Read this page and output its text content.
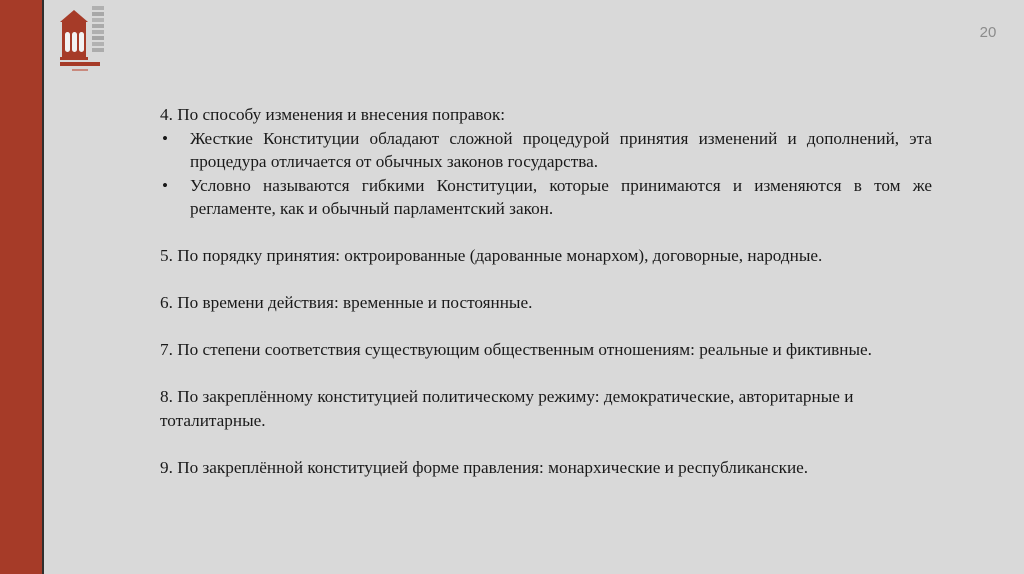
20

4. По способу изменения и внесения поправок:

• Жесткие Конституции обладают сложной процедурой принятия изменений и дополнений, эта процедура отличается от обычных законов государства.
• Условно называются гибкими Конституции, которые принимаются и изменяются в том же регламенте, как и обычный парламентский закон.

5. По порядку принятия: октроированные (дарованные монархом), договорные, народные.

6. По времени действия: временные и постоянные.

7. По степени соответствия существующим общественным отношениям: реальные и фиктивные.

8. По закреплённому конституцией политическому режиму: демократические, авторитарные и тоталитарные.

9. По закреплённой конституцией форме правления: монархические и республиканские.
